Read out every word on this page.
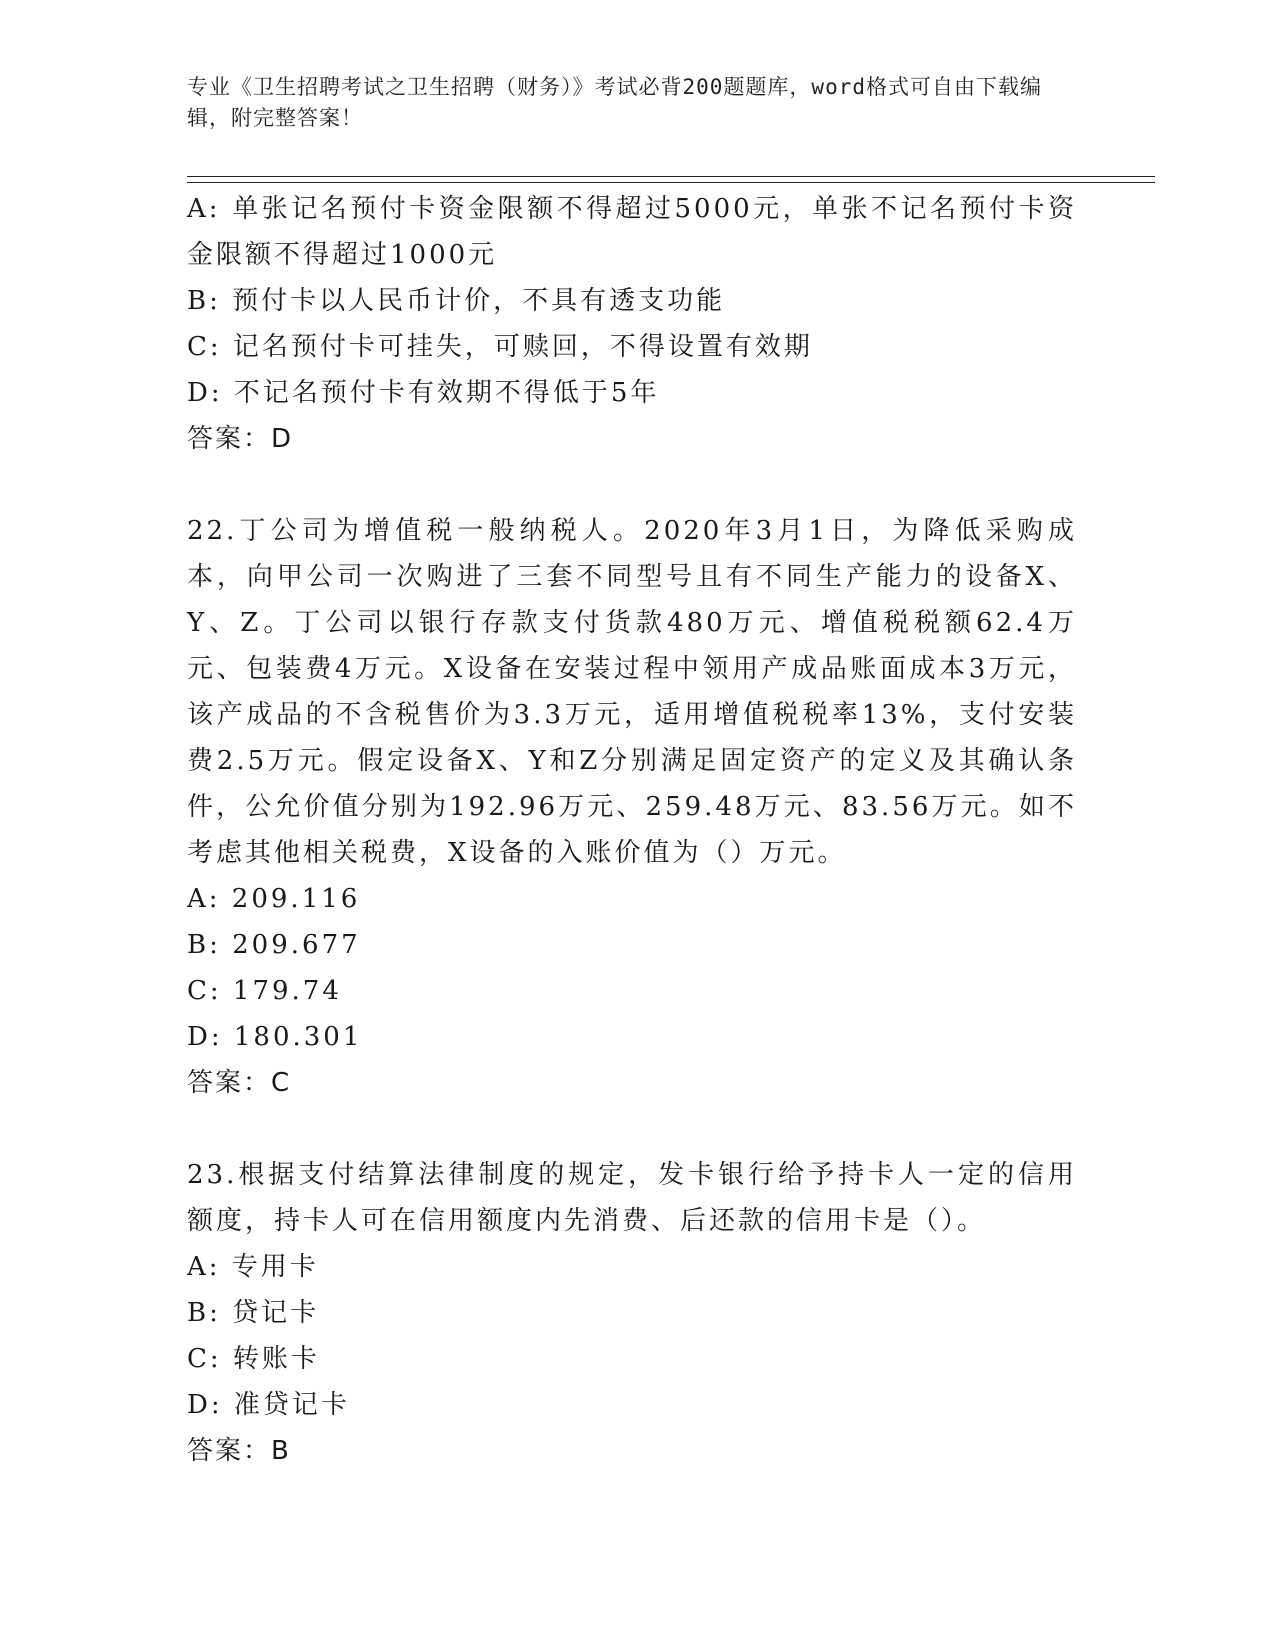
专业《卫生招聘考试之卫生招聘（财务）》考试必背200题题库，word格式可自由下载编辑，附完整答案！
A: 单张记名预付卡资金限额不得超过5000元，单张不记名预付卡资金限额不得超过1000元
B: 预付卡以人民币计价，不具有透支功能
C: 记名预付卡可挂失，可赎回，不得设置有效期
D: 不记名预付卡有效期不得低于5年
答案：D
22.丁公司为增值税一般纳税人。2020年3月1日，为降低采购成本，向甲公司一次购进了三套不同型号且有不同生产能力的设备X、Y、Z。丁公司以银行存款支付货款480万元、增值税税额62.4万元、包装费4万元。X设备在安装过程中领用产成品账面成本3万元，该产成品的不含税售价为3.3万元，适用增值税税率13%，支付安装费2.5万元。假定设备X、Y和Z分别满足固定资产的定义及其确认条件，公允价值分别为192.96万元、259.48万元、83.56万元。如不考虑其他相关税费，X设备的入账价值为（）万元。
A: 209.116
B: 209.677
C: 179.74
D: 180.301
答案：C
23.根据支付结算法律制度的规定，发卡银行给予持卡人一定的信用额度，持卡人可在信用额度内先消费、后还款的信用卡是（）。
A: 专用卡
B: 贷记卡
C: 转账卡
D: 准贷记卡
答案：B
